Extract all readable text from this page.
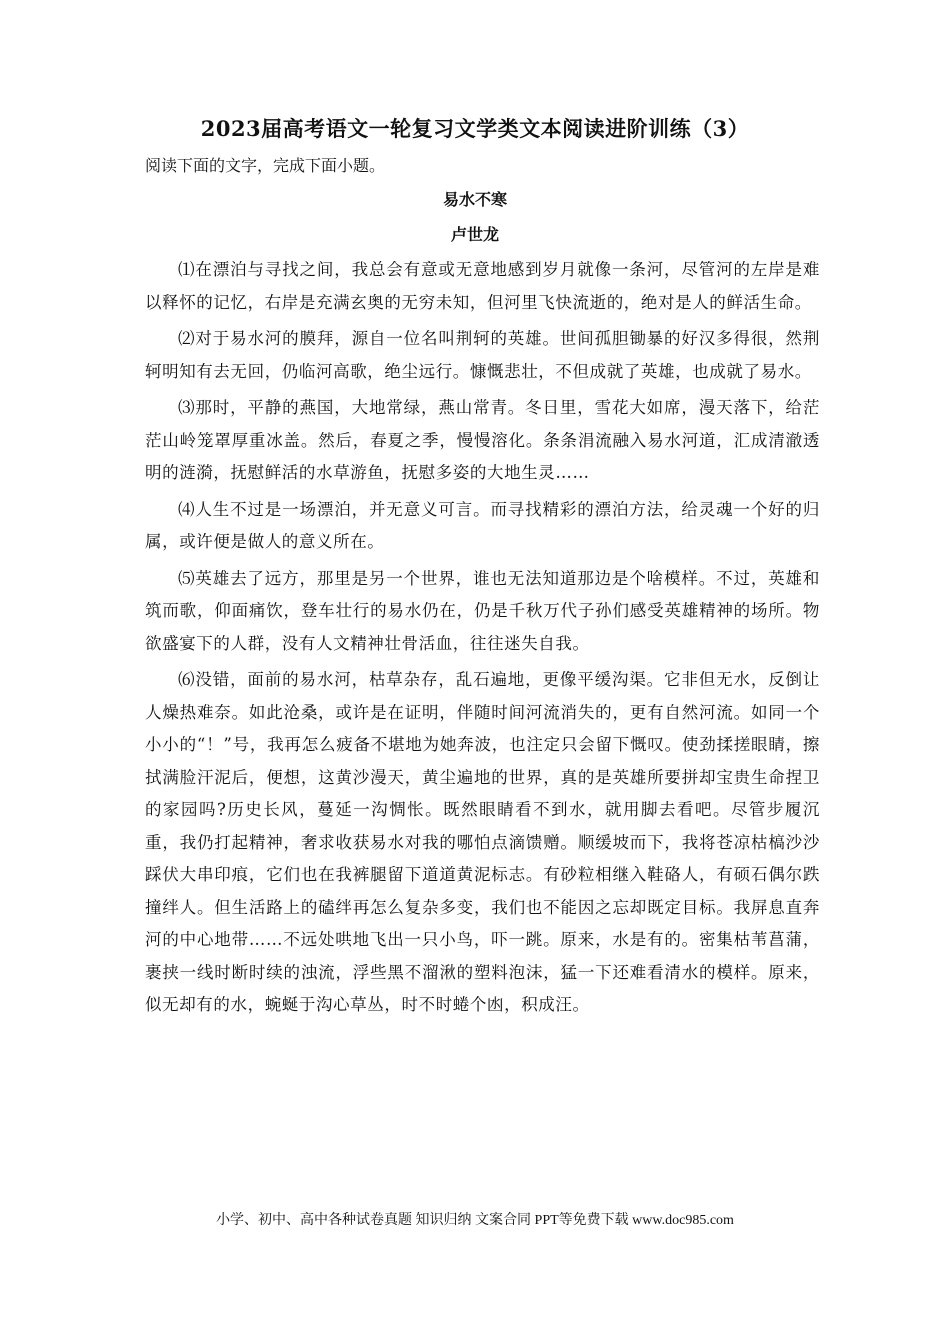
2023届高考语文一轮复习文学类文本阅读进阶训练（3）
阅读下面的文字，完成下面小题。
易水不寒
卢世龙

⑴在漂泊与寻找之间，我总会有意或无意地感到岁月就像一条河，尽管河的左岸是难以释怀的记忆，右岸是充满玄奥的无穷未知，但河里飞快流逝的，绝对是人的鲜活生命。

⑵对于易水河的膜拜，源自一位名叫荆轲的英雄。世间孤胆锄暴的好汉多得很，然荆轲明知有去无回，仍临河高歌，绝尘远行。慷慨悲壮，不但成就了英雄，也成就了易水。

⑶那时，平静的燕国，大地常绿，燕山常青。冬日里，雪花大如席，漫天落下，给茫茫山岭笼罩厚重冰盖。然后，春夏之季，慢慢溶化。条条涓流融入易水河道，汇成清澈透明的涟漪，抚慰鲜活的水草游鱼，抚慰多姿的大地生灵……

⑷人生不过是一场漂泊，并无意义可言。而寻找精彩的漂泊方法，给灵魂一个好的归属，或许便是做人的意义所在。

⑸英雄去了远方，那里是另一个世界，谁也无法知道那边是个啥模样。不过，英雄和筑而歌，仰面痛饮，登车壮行的易水仍在，仍是千秋万代子孙们感受英雄精神的场所。物欲盛宴下的人群，没有人文精神壮骨活血，往往迷失自我。

⑹没错，面前的易水河，枯草杂存，乱石遍地，更像平缓沟渠。它非但无水，反倒让人燥热难奈。如此沧桑，或许是在证明，伴随时间河流消失的，更有自然河流。如同一个小小的“！”号，我再怎么疲备不堪地为她奔波，也注定只会留下慨叹。使劲揉搓眼睛，擦拭满脸汗泥后，便想，这黄沙漫天，黄尘遍地的世界，真的是英雄所要拼却宝贵生命捏卫的家园吗?历史长风，蔓延一沟惆怅。既然眼睛看不到水，就用脚去看吧。尽管步履沉重，我仍打起精神，奢求收获易水对我的哪怕点滴馈赠。顺缓坡而下，我将苍凉枯槁沙沙踩伏大串印痕，它们也在我裤腿留下道道黄泥标志。有砂粒相继入鞋硌人，有硕石偶尔跌撞绊人。但生活路上的磕绊再怎么复杂多变，我们也不能因之忘却既定目标。我屏息直奔河的中心地带……不远处哄地飞出一只小鸟，吓一跳。原来，水是有的。密集枯苇菖蒲，裹挟一线时断时续的浊流，浮些黑不溜湫的塑料泡沫，猛一下还难看清水的模样。原来，似无却有的水，蜿蜒于沟心草丛，时不时蜷个凼，积成汪。

小学、初中、高中各种试卷真题 知识归纳 文案合同 PPT等免费下载 www.doc985.com
